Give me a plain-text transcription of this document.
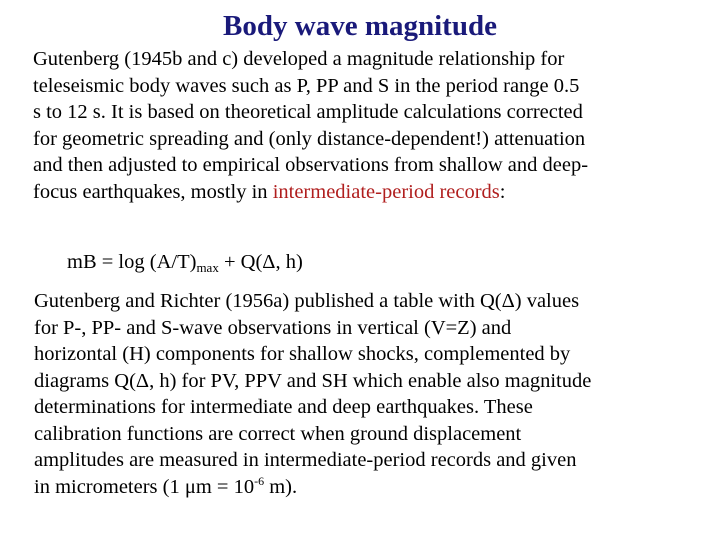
Body wave magnitude
Gutenberg (1945b and c) developed a magnitude relationship for
teleseismic body waves such as P, PP and S in the period range 0.5
s to 12 s. It is based on theoretical amplitude calculations corrected
for geometric spreading and (only distance-dependent!) attenuation
and then adjusted to empirical observations from shallow and deep-
focus earthquakes, mostly in intermediate-period records:
mB = $\log (A/T)_{max} + Q(\Delta$, h)
Gutenberg and Richter (1956a) published a table with Q(Δ) values
for P-, PP- and S-wave observations in vertical (V=Z) and
horizontal (H) components for shallow shocks, complemented by
diagrams Q(Δ, h) for PV, PPV and SH which enable also magnitude
determinations for intermediate and deep earthquakes. These
calibration functions are correct when ground displacement
amplitudes are measured in intermediate-period records and given
in micrometers (1 $\mu m = 10^{-6}$ m).
